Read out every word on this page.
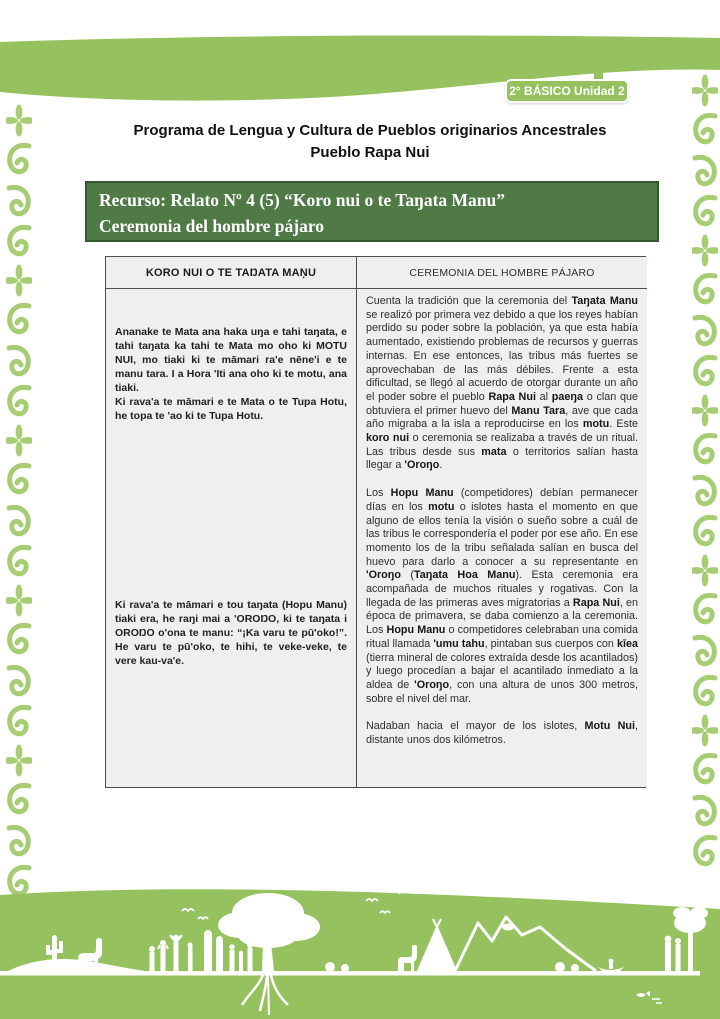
2° BÁSICO Unidad 2
Programa de Lengua y Cultura de Pueblos originarios Ancestrales
Pueblo Rapa Nui
Recurso: Relato Nº 4 (5) “Koro nui o te Taŋata Manu”
Ceremonia del hombre pájaro
KORO NUI O TE TAŊATA MAŅU	CEREMONIA DEL HOMBRE PÁJARO

Ananake te Mata ana haka uŋa e tahi taŋata, e tahi taŋata ka tahi te Mata mo oho ki MOTU NUI, mo tiaki ki te māmari ra'e nēne'i e te manu tara. I a Hora 'Iti ana oho ki te motu, ana tiaki.

Ki rava'a te māmari e te Mata o te Tupa Hotu, he topa te 'ao ki te Tupa Hotu.

Ki rava'a te māmari e tou taŋata (Hopu Manu) tiaki era, he raŋi mai a 'OROŊO, ki te taŋata i OROŊO o'ona te manu: “¡Ka varu te pū'oko!”. He varu te pū'oko, te hihi, te veke-veke, te vere kau-va'e.

Cuenta la tradición que la ceremonia del Taŋata Manu se realizó por primera vez debido a que los reyes habían perdido su poder sobre la población, ya que esta había aumentado, existiendo problemas de recursos y guerras internas. En ese entonces, las tribus más fuertes se aprovechaban de las más débiles. Frente a esta dificultad, se llegó al acuerdo de otorgar durante un año el poder sobre el pueblo Rapa Nui al paeŋa o clan que obtuviera el primer huevo del Manu Tara, ave que cada año migraba a la isla a reproducirse en los motu. Este koro nui o ceremonia se realizaba a través de un ritual. Las tribus desde sus mata o territorios salían hasta llegar a 'Oroŋo.

Los Hopu Manu (competidores) debían permanecer días en los motu o islotes hasta el momento en que alguno de ellos tenía la visión o sueño sobre a cuál de las tribus le correspondería el poder por ese año. En ese momento los de la tribu señalada salían en busca del huevo para darlo a conocer a su representante en 'Oroŋo (Taŋata Hoa Manu). Esta ceremonia era acompañada de muchos rituales y rogativas. Con la llegada de las primeras aves migratorias a Rapa Nui, en época de primavera, se daba comienzo a la ceremonia. Los Hopu Manu o competidores celebraban una comida ritual llamada 'umu tahu, pintaban sus cuerpos con kīea (tierra mineral de colores extraída desde los acantilados) y luego procedían a bajar el acantilado inmediato a la aldea de 'Oroŋo, con una altura de unos 300 metros, sobre el nivel del mar.

Nadaban hacia el mayor de los islotes, Motu Nui, distante unos dos kilómetros.
